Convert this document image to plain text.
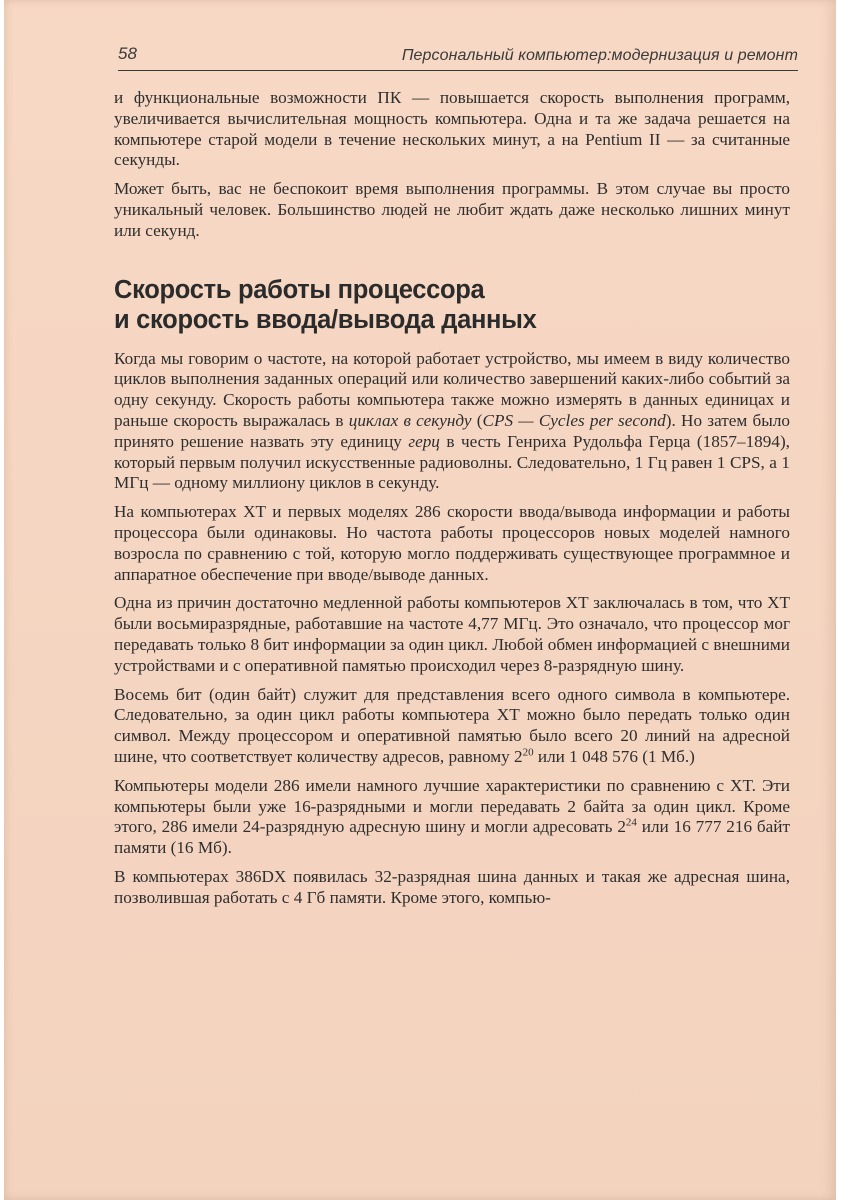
58	Персональный компьютер:модернизация и ремонт

и функциональные возможности ПК — повышается скорость выполнения программ, увеличивается вычислительная мощность компьютера. Одна и та же задача решается на компьютере старой модели в течение нескольких минут, а на Pentium II — за считанные секунды.

Может быть, вас не беспокоит время выполнения программы. В этом случае вы просто уникальный человек. Большинство людей не любит ждать даже несколько лишних минут или секунд.

Скорость работы процессора
и скорость ввода/вывода данных

Когда мы говорим о частоте, на которой работает устройство, мы имеем в виду количество циклов выполнения заданных операций или количество завершений каких-либо событий за одну секунду. Скорость работы компьютера также можно измерять в данных единицах и раньше скорость выражалась в циклах в секунду (CPS — Cycles per second). Но затем было принято решение назвать эту единицу герц в честь Генриха Рудольфа Герца (1857–1894), который первым получил искусственные радиоволны. Следовательно, 1 Гц равен 1 CPS, а 1 МГц — одному миллиону циклов в секунду.

На компьютерах XT и первых моделях 286 скорости ввода/вывода информации и работы процессора были одинаковы. Но частота работы процессоров новых моделей намного возросла по сравнению с той, которую могло поддерживать существующее программное и аппаратное обеспечение при вводе/выводе данных.

Одна из причин достаточно медленной работы компьютеров XT заключалась в том, что XT были восьмиразрядные, работавшие на частоте 4,77 МГц. Это означало, что процессор мог передавать только 8 бит информации за один цикл. Любой обмен информацией с внешними устройствами и с оперативной памятью происходил через 8-разрядную шину.

Восемь бит (один байт) служит для представления всего одного символа в компьютере. Следовательно, за один цикл работы компьютера XT можно было передать только один символ. Между процессором и оперативной памятью было всего 20 линий на адресной шине, что соответствует количеству адресов, равному $2^{20}$ или 1 048 576 (1 Мб.)

Компьютеры модели 286 имели намного лучшие характеристики по сравнению с XT. Эти компьютеры были уже 16-разрядными и могли передавать 2 байта за один цикл. Кроме этого, 286 имели 24-разрядную адресную шину и могли адресовать $2^{24}$ или 16 777 216 байт памяти (16 Мб).

В компьютерах 386DX появилась 32-разрядная шина данных и такая же адресная шина, позволившая работать с 4 Гб памяти. Кроме этого, компью-
